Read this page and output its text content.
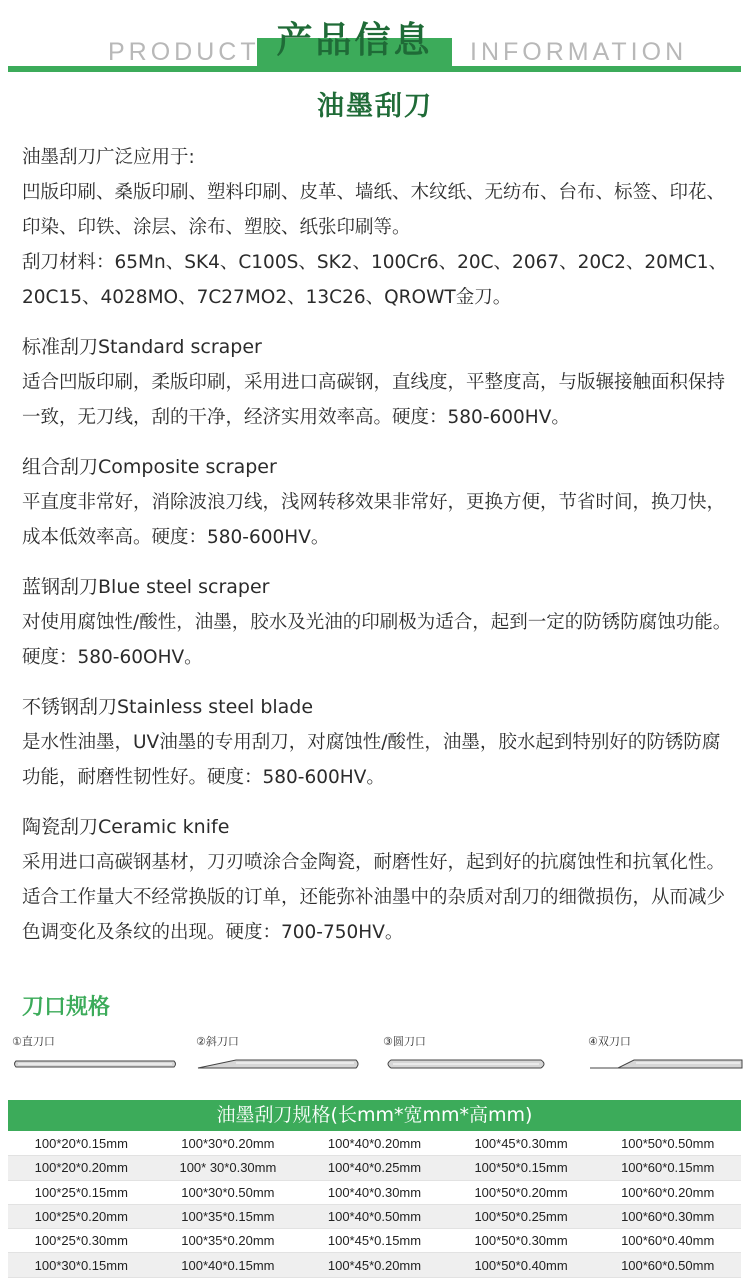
产品信息
PRODUCT	INFORMATION
油墨刮刀

油墨刮刀广泛应用于:

凹版印刷、桑版印刷、塑料印刷、皮革、墙纸、木纹纸、无纺布、台布、标签、印花、印染、印铁、涂层、涂布、塑胶、纸张印刷等。

刮刀材料：65Mn、SK4、C100S、SK2、100Cr6、20C、2067、20C2、20MC1、20C15、4028MO、7C27MO2、13C26、QROWT金刀。

标准刮刀Standard scraper

适合凹版印刷，柔版印刷，采用进口高碳钢，直线度，平整度高，与版辗接触面积保持一致，无刀线，刮的干净，经济实用效率高。硬度：580-600HV。

组合刮刀Composite scraper

平直度非常好，消除波浪刀线，浅网转移效果非常好，更换方便，节省时间，换刀快，成本低效率高。硬度：580-600HV。

蓝钢刮刀Blue steel scraper

对使用腐蚀性/酸性，油墨，胶水及光油的印刷极为适合，起到一定的防锈防腐蚀功能。硬度：580-60OHV。

不锈钢刮刀Stainless steel blade

是水性油墨，UV油墨的专用刮刀，对腐蚀性/酸性，油墨，胶水起到特别好的防锈防腐功能，耐磨性韧性好。硬度：580-600HV。

陶瓷刮刀Ceramic knife

采用进口高碳钢基材，刀刃喷涂合金陶瓷，耐磨性好，起到好的抗腐蚀性和抗氧化性。适合工作量大不经常换版的订单，还能弥补油墨中的杂质对刮刀的细微损伤，从而减少色调变化及条纹的出现。硬度：700-750HV。

刀口规格
①直刀口	②斜刀口	③圆刀口	④双刀口
油墨刮刀规格(长mm*宽mm*高mm)
100*20*0.15mm	100*30*0.20mm	100*40*0.20mm	100*45*0.30mm	100*50*0.50mm
100*20*0.20mm	100* 30*0.30mm	100*40*0.25mm	100*50*0.15mm	100*60*0.15mm
100*25*0.15mm	100*30*0.50mm	100*40*0.30mm	100*50*0.20mm	100*60*0.20mm
100*25*0.20mm	100*35*0.15mm	100*40*0.50mm	100*50*0.25mm	100*60*0.30mm
100*25*0.30mm	100*35*0.20mm	100*45*0.15mm	100*50*0.30mm	100*60*0.40mm
100*30*0.15mm	100*40*0.15mm	100*45*0.20mm	100*50*0.40mm	100*60*0.50mm
